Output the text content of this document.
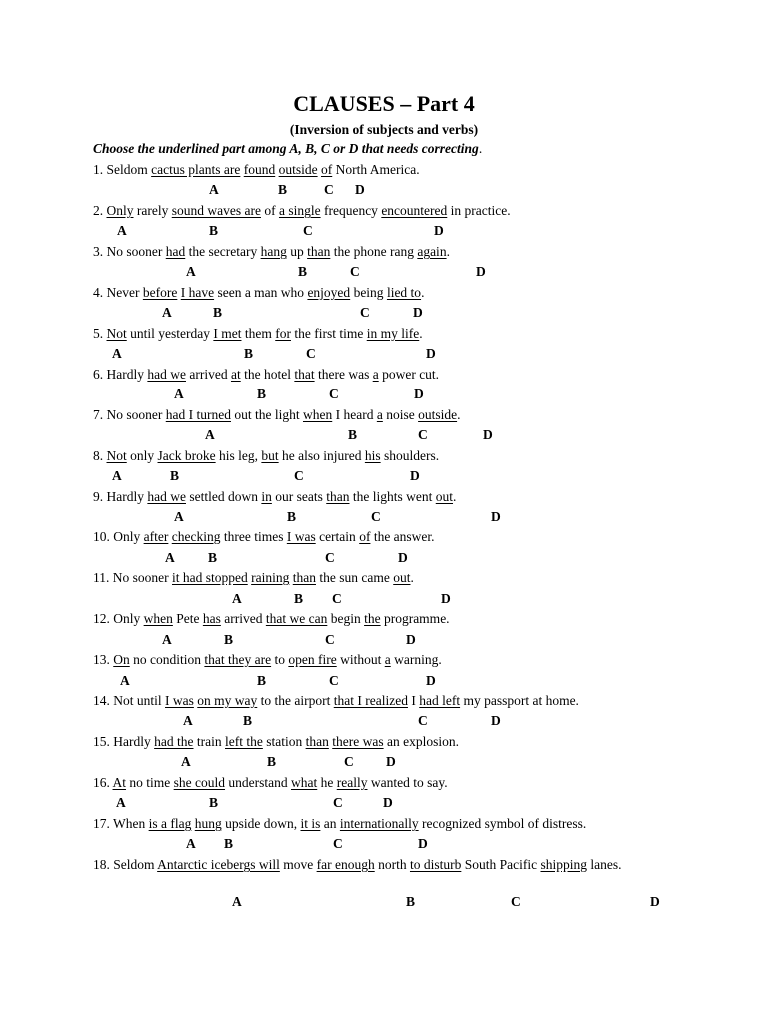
CLAUSES – Part 4
(Inversion of subjects and verbs)
Choose the underlined part among A, B, C or D that needs correcting.
1. Seldom cactus plants are found outside of North America.
A	B	C D
2. Only rarely sound waves are of a single frequency encountered in practice.
A	B	C	D
3. No sooner had the secretary hang up than the phone rang again.
A	B	C	D
4. Never before I have seen a man who enjoyed being lied to.
A	B	C	D
5. Not until yesterday I met them for the first time in my life.
A	B	C	D
6. Hardly had we arrived at the hotel that there was a power cut.
A	B	C	D
7. No sooner had I turned out the light when I heard a noise outside.
A	B	C	D
8. Not only Jack broke his leg, but he also injured his shoulders.
A	B	C	D
9. Hardly had we settled down in our seats than the lights went out.
A	B	C	D
10. Only after checking three times I was certain of the answer.
A B	C	D
11. No sooner it had stopped raining than the sun came out.
A	B C	D
12. Only when Pete has arrived that we can begin the programme.
A	B	C	D
13. On no condition that they are to open fire without a warning.
A	B	C	D
14. Not until I was on my way to the airport that I realized I had left my passport at home.
A	B	C	D
15. Hardly had the train left the station than there was an explosion.
A	B	C D
16. At no time she could understand what he really wanted to say.
A	B	C	D
17. When is a flag hung upside down, it is an internationally recognized symbol of distress.
A B	C	D
18. Seldom Antarctic icebergs will move far enough north to disturb South Pacific shipping lanes.
A	B	C	D
